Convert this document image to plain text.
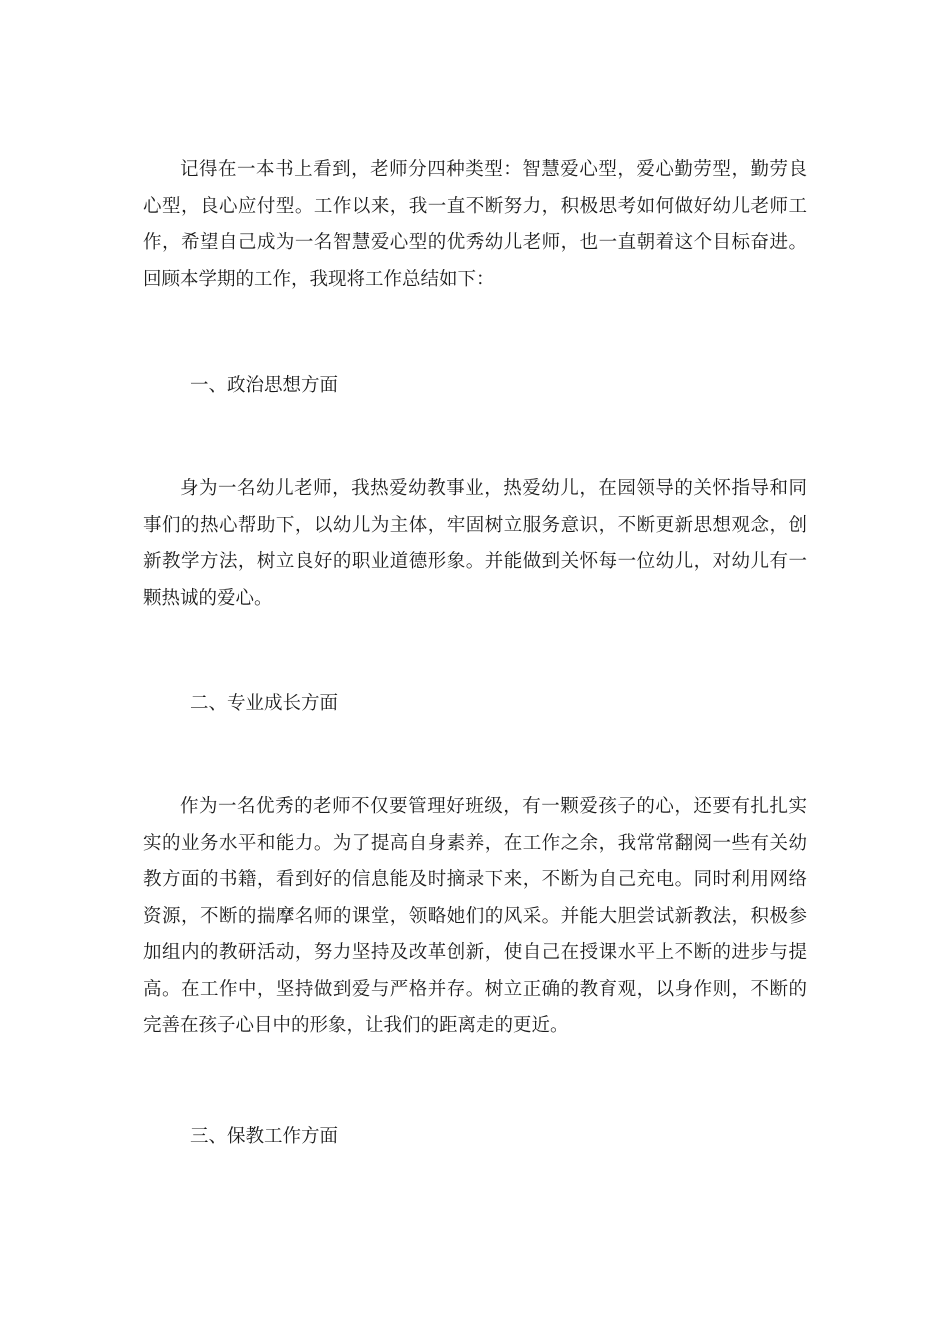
记得在一本书上看到，老师分四种类型：智慧爱心型，爱心勤劳型，勤劳良心型，良心应付型。工作以来，我一直不断努力，积极思考如何做好幼儿老师工作，希望自己成为一名智慧爱心型的优秀幼儿老师，也一直朝着这个目标奋进。回顾本学期的工作，我现将工作总结如下：

一、政治思想方面

身为一名幼儿老师，我热爱幼教事业，热爱幼儿，在园领导的关怀指导和同事们的热心帮助下，以幼儿为主体，牢固树立服务意识，不断更新思想观念，创新教学方法，树立良好的职业道德形象。并能做到关怀每一位幼儿，对幼儿有一颗热诚的爱心。

二、专业成长方面

作为一名优秀的老师不仅要管理好班级，有一颗爱孩子的心，还要有扎扎实实的业务水平和能力。为了提高自身素养，在工作之余，我常常翻阅一些有关幼教方面的书籍，看到好的信息能及时摘录下来，不断为自己充电。同时利用网络资源，不断的揣摩名师的课堂，领略她们的风采。并能大胆尝试新教法，积极参加组内的教研活动，努力坚持及改革创新，使自己在授课水平上不断的进步与提高。在工作中，坚持做到爱与严格并存。树立正确的教育观，以身作则，不断的完善在孩子心目中的形象，让我们的距离走的更近。

三、保教工作方面
